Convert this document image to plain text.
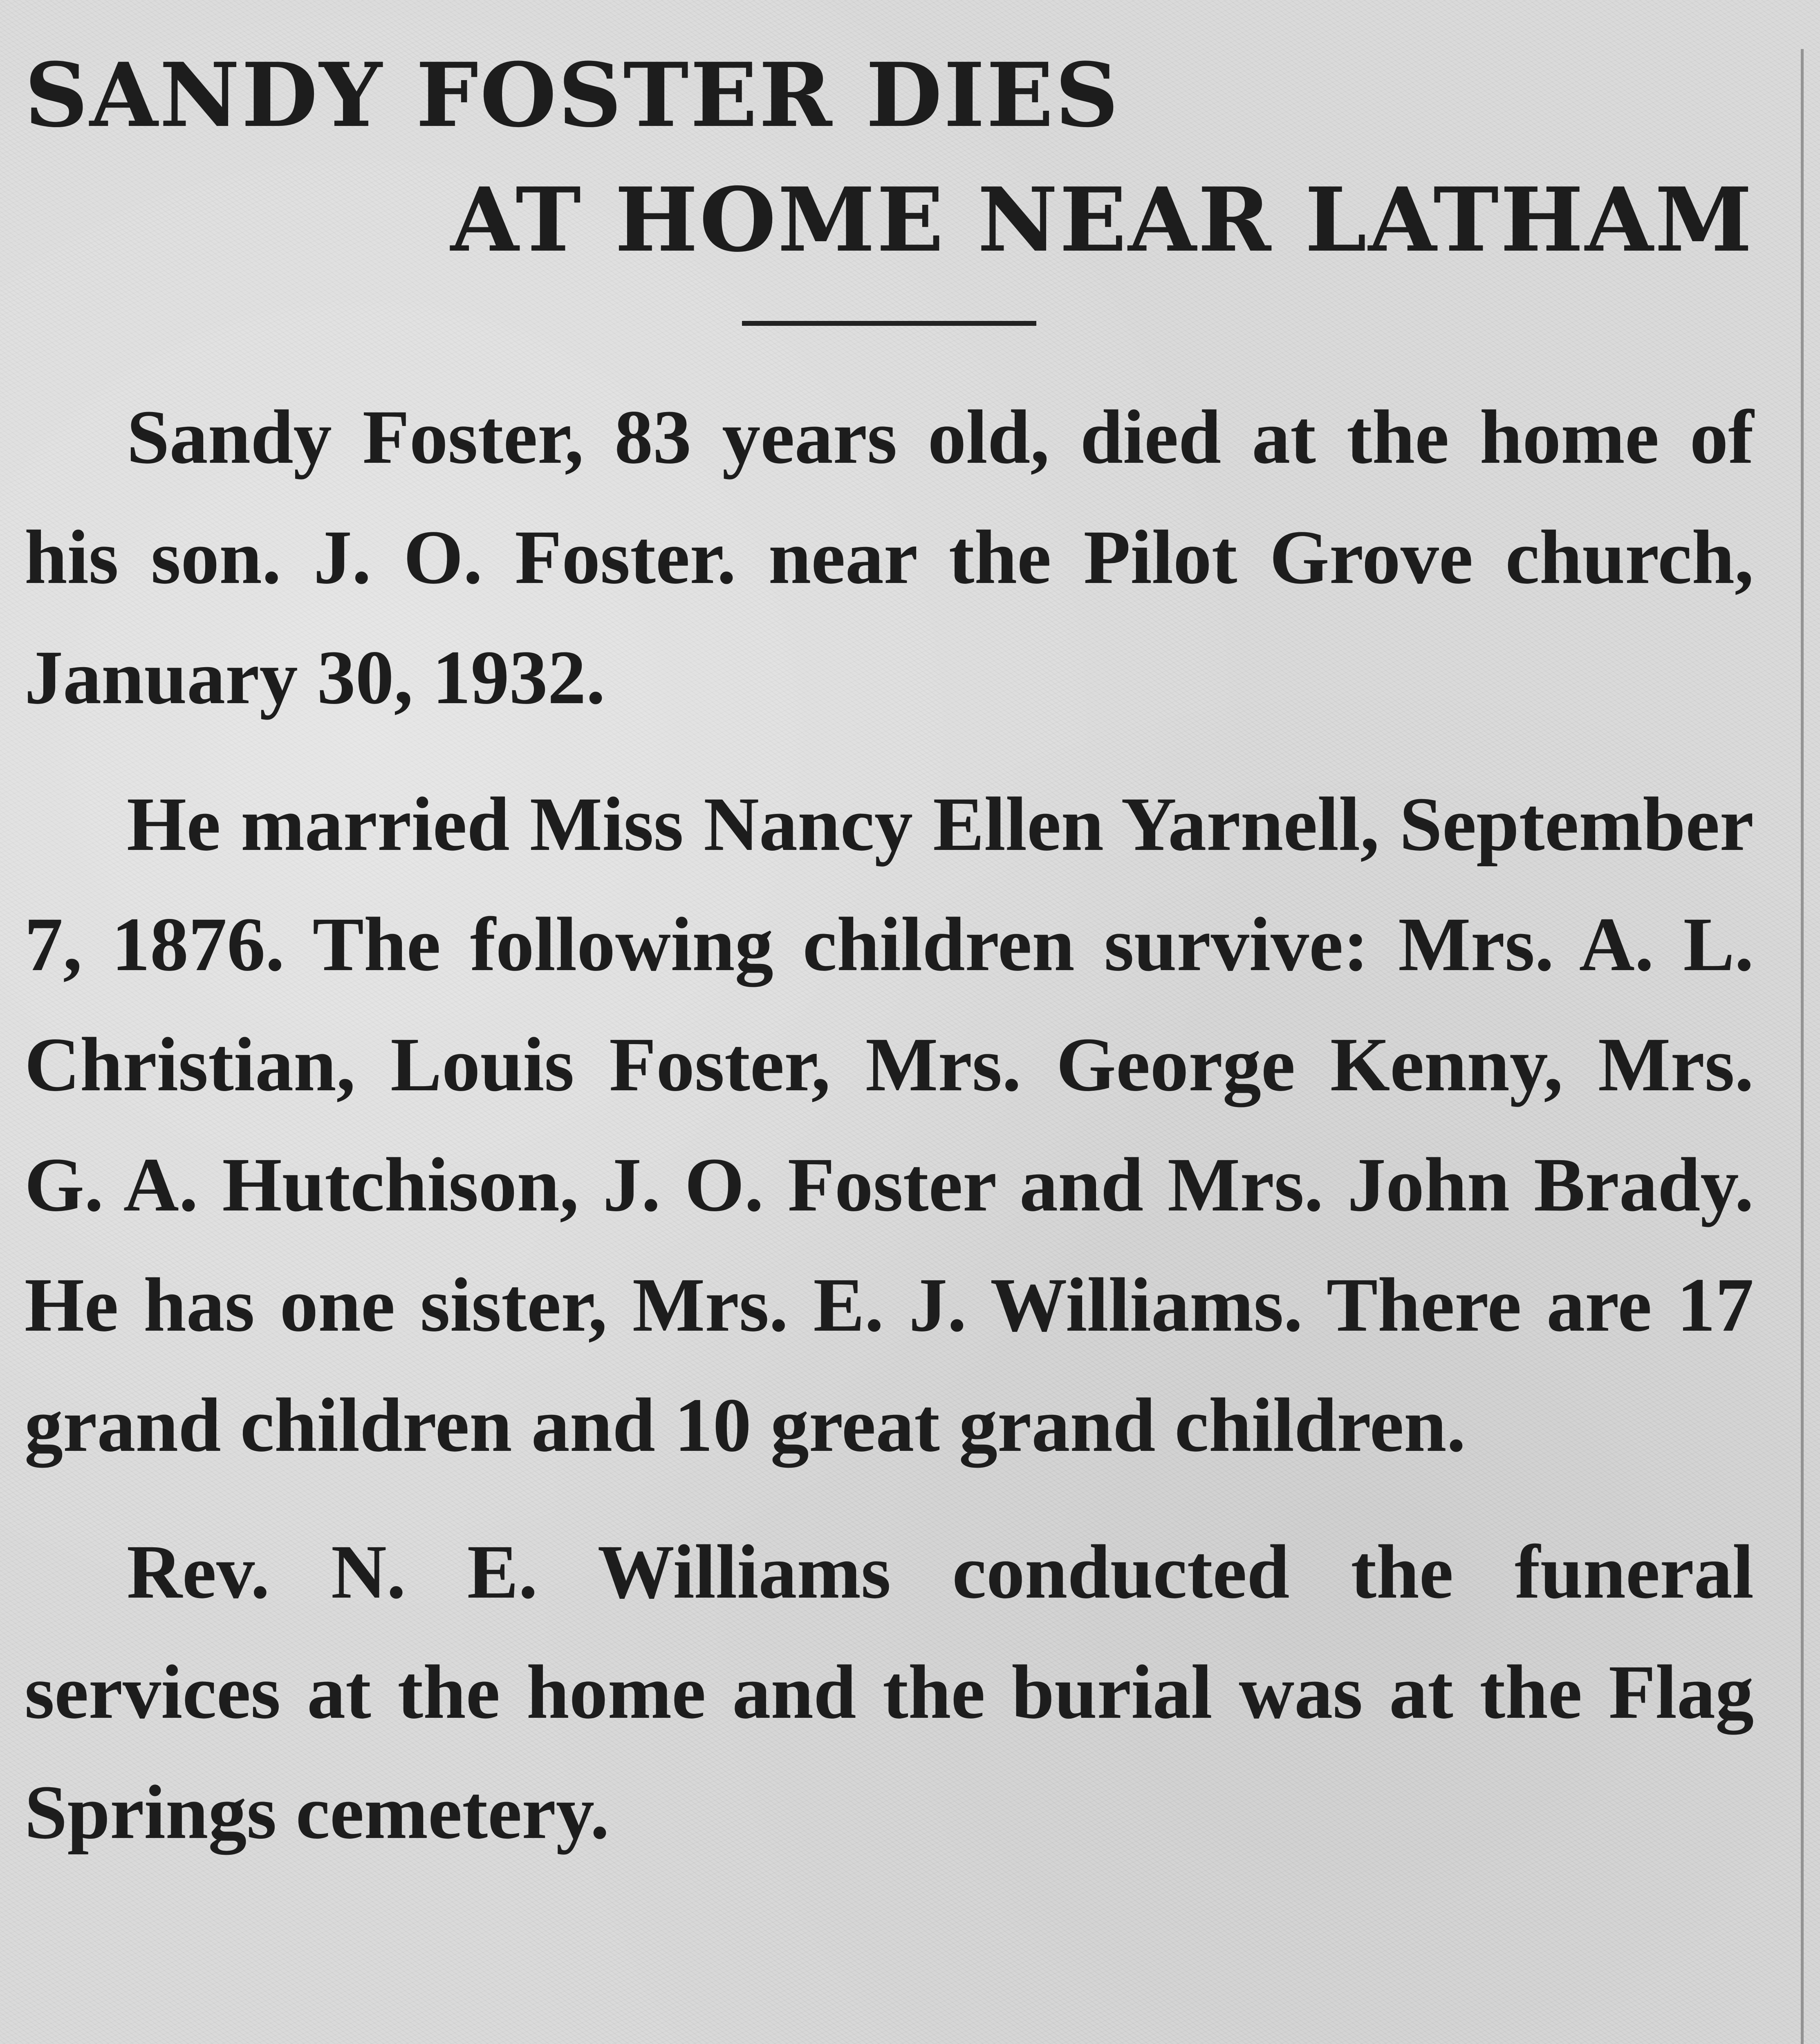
SANDY FOSTER DIES
AT HOME NEAR LATHAM

Sandy Foster, 83 years old, died at the home of his son. J. O. Foster. near the Pilot Grove church, January 30, 1932.

He married Miss Nancy Ellen Yarnell, September 7, 1876. The following children survive: Mrs. A. L. Christian, Louis Foster, Mrs. George Kenny, Mrs. G. A. Hutchison, J. O. Foster and Mrs. John Brady. He has one sister, Mrs. E. J. Williams. There are 17 grand children and 10 great grand children.

Rev. N. E. Williams conducted the funeral services at the home and the burial was at the Flag Springs cemetery.
